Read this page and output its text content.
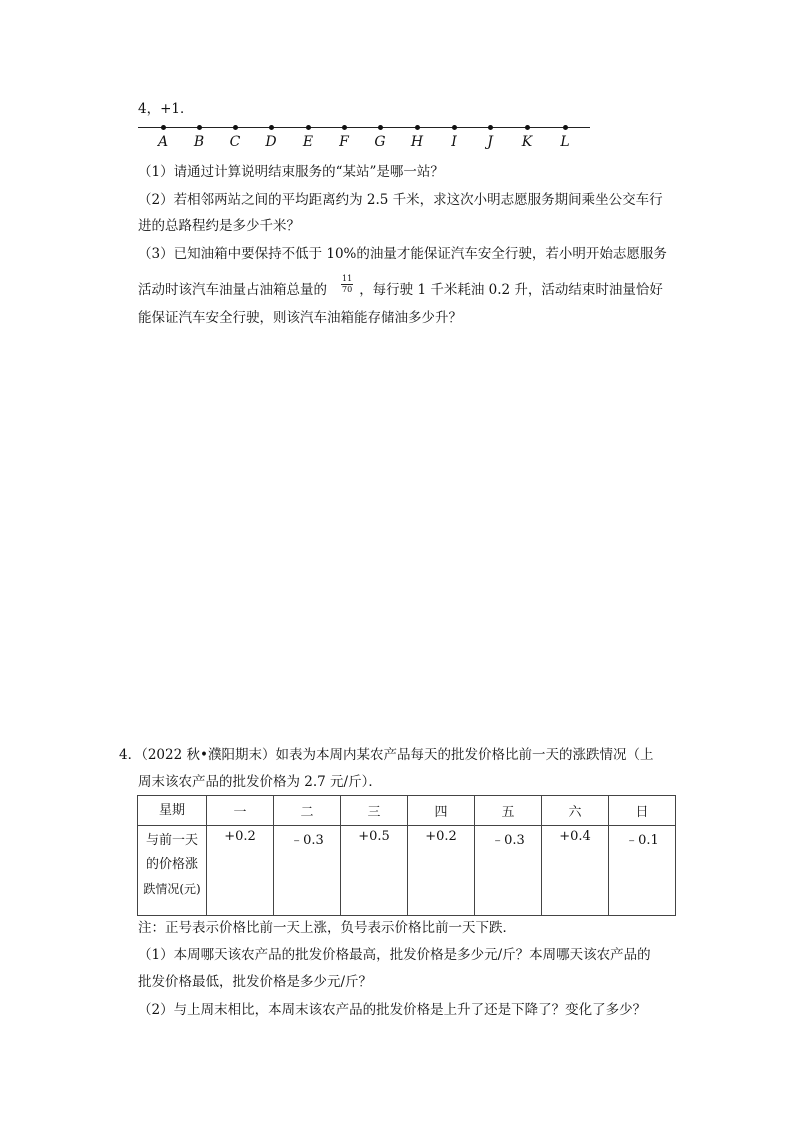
4，+1．
A	B	C	D	E	F	G	H	I	J	K	L
（1）请通过计算说明结束服务的“某站”是哪一站？
（2）若相邻两站之间的平均距离约为 2.5 千米，求这次小明志愿服务期间乘坐公交车行
进的总路程约是多少千米？
（3）已知油箱中要保持不低于 10%的油量才能保证汽车安全行驶，若小明开始志愿服务
活动时该汽车油量占油箱总量的 $\frac{11}{70}$ ，每行驶 1 千米耗油 0.2 升，活动结束时油量恰好
能保证汽车安全行驶，则该汽车油箱能存储油多少升？
4．（2022 秋•濮阳期末）如表为本周内某农产品每天的批发价格比前一天的涨跌情况（上
周末该农产品的批发价格为 2.7 元/斤）．
星期	一	二	三	四	五	六	日

与前一天
的价格涨
跌情况(元)	+0.2	﹣0.3	+0.5	+0.2	﹣0.3	+0.4	﹣0.1
注：正号表示价格比前一天上涨，负号表示价格比前一天下跌．
（1）本周哪天该农产品的批发价格最高，批发价格是多少元/斤？本周哪天该农产品的
批发价格最低，批发价格是多少元/斤？
（2）与上周末相比，本周末该农产品的批发价格是上升了还是下降了？变化了多少？
